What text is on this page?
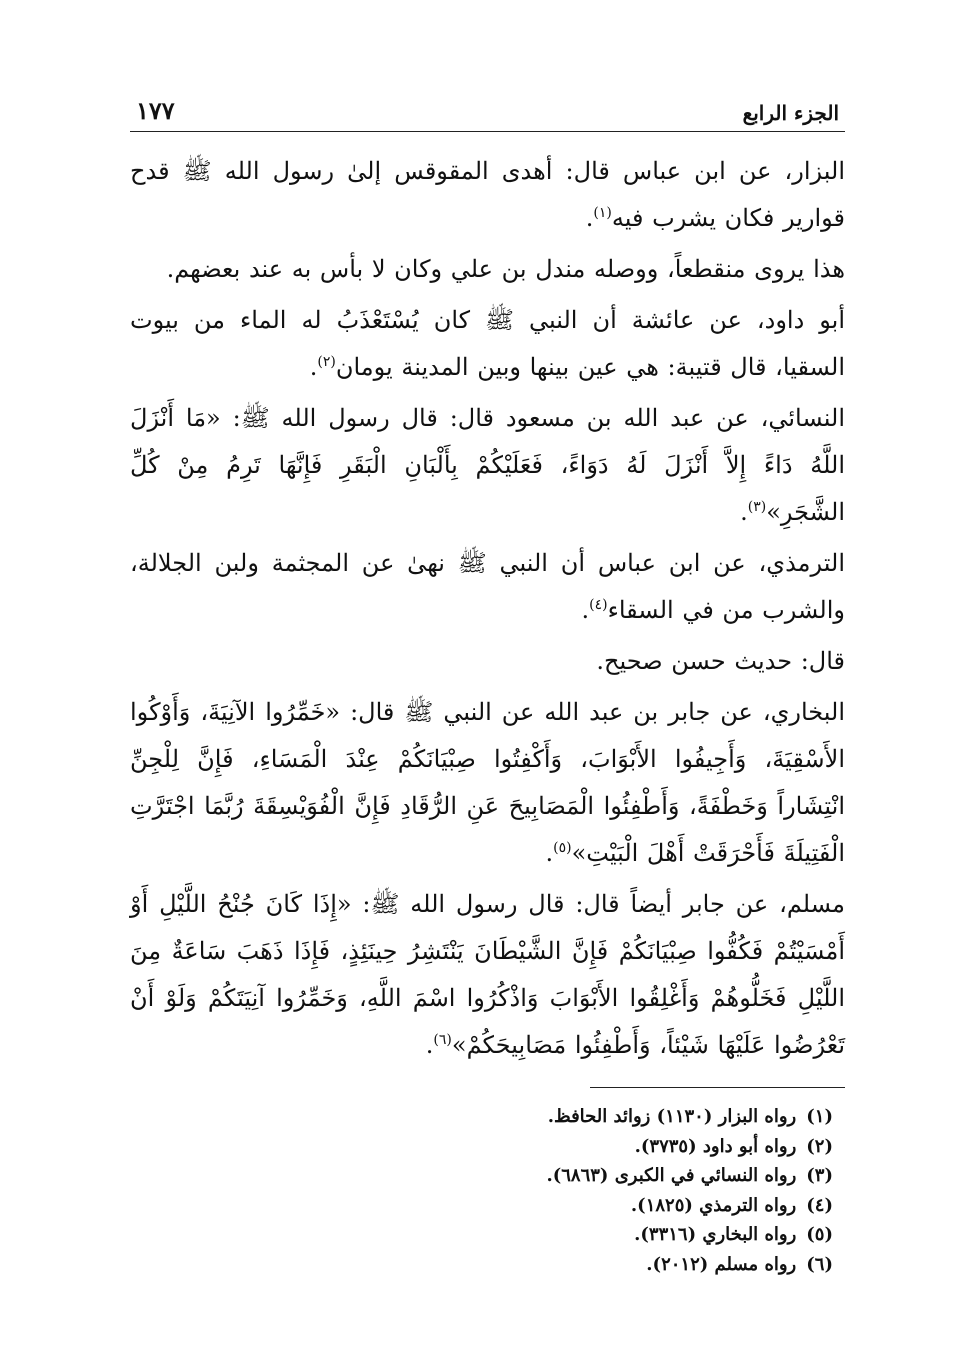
الجزء الرابع
١٧٧

البزار، عن ابن عباس قال: أهدى المقوقس إلىٰ رسول الله ﷺ قدح قوارير فكان يشرب فيه$^{(١)}$.

هذا يروى منقطعاً، ووصله مندل بن علي وكان لا بأس به عند بعضهم.

أبو داود، عن عائشة أن النبي ﷺ كان يُسْتَعْذَبُ له الماء من بيوت السقيا، قال قتيبة: هي عين بينها وبين المدينة يومان$^{(٢)}$.

النسائي، عن عبد الله بن مسعود قال: قال رسول الله ﷺ: «مَا أَنْزَلَ اللَّهُ دَاءً إِلاَّ أَنْزَلَ لَهُ دَوَاءً، فَعَلَيْكُمْ بِأَلْبَانِ الْبَقَرِ فَإِنَّهَا تَرِمُ مِنْ كُلِّ الشَّجَرِ»$^{(٣)}$.

الترمذي، عن ابن عباس أن النبي ﷺ نهىٰ عن المجثمة ولبن الجلالة، والشرب من في السقاء$^{(٤)}$.

قال: حديث حسن صحيح.

البخاري، عن جابر بن عبد الله عن النبي ﷺ قال: «خَمِّرُوا الآنِيَةَ، وَأَوْكُوا الأَسْقِيَةَ، وَأَجِيفُوا الأَبْوَابَ، وَأَكْفِتُوا صِبْيَانَكُمْ عِنْدَ الْمَسَاءِ، فَإِنَّ لِلْجِنِّ انْتِشَاراً وَخَطْفَةً، وَأَطْفِئُوا الْمَصَابِيحَ عَنِ الرُّقَادِ فَإِنَّ الْفُوَيْسِقَةَ رُبَّمَا اجْتَرَّتِ الْفَتِيلَةَ فَأَحْرَقَتْ أَهْلَ الْبَيْتِ»$^{(٥)}$.

مسلم، عن جابر أيضاً قال: قال رسول الله ﷺ: «إِذَا كَانَ جُنْحُ اللَّيْلِ أَوْ أَمْسَيْتُمْ فَكُفُّوا صِبْيَانَكُمْ فَإِنَّ الشَّيْطَانَ يَنْتَشِرُ حِينَئِذٍ، فَإِذَا ذَهَبَ سَاعَةٌ مِنَ اللَّيْلِ فَخَلُّوهُمْ وَأَغْلِقُوا الأَبْوَابَ وَاذْكُرُوا اسْمَ اللَّهِ، وَخَمِّرُوا آنِيَتَكُمْ وَلَوْ أَنْ تَعْرُضُوا عَلَيْهَا شَيْئاً، وَأَطْفِئُوا مَصَابِيحَكُمْ»$^{(٦)}$.

(١)رواه البزار (١١٣٠) زوائد الحافظ.
(٢)رواه أبو داود (٣٧٣٥).
(٣)رواه النسائي في الكبرى (٦٨٦٣).
(٤)رواه الترمذي (١٨٢٥).
(٥)رواه البخاري (٣٣١٦).
(٦)رواه مسلم (٢٠١٢).
